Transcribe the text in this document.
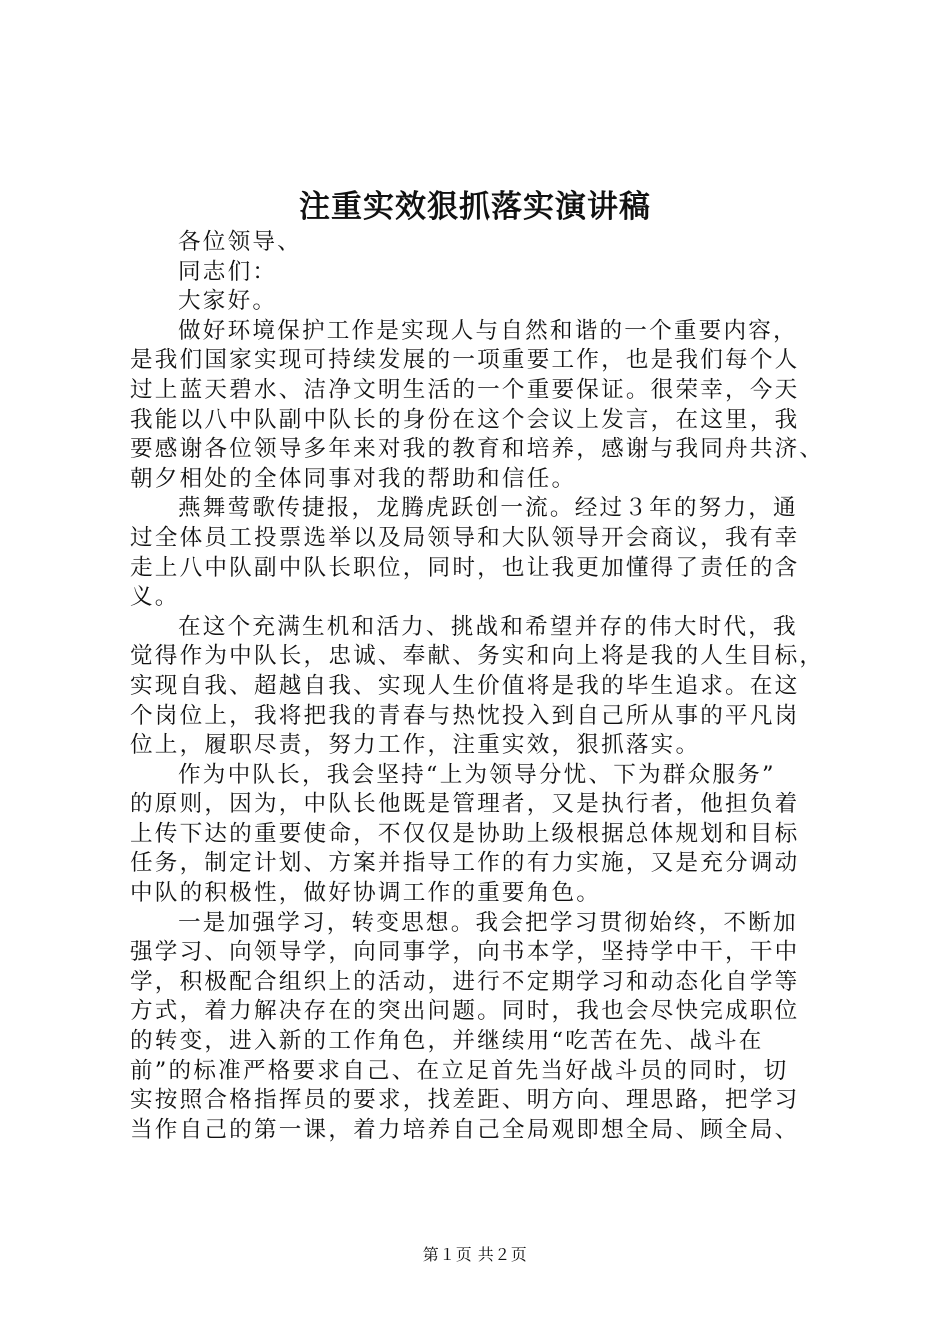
注重实效狠抓落实演讲稿
各位领导、
同志们：
大家好。
做好环境保护工作是实现人与自然和谐的一个重要内容，
是我们国家实现可持续发展的一项重要工作，也是我们每个人
过上蓝天碧水、洁净文明生活的一个重要保证。很荣幸，今天
我能以八中队副中队长的身份在这个会议上发言，在这里，我
要感谢各位领导多年来对我的教育和培养，感谢与我同舟共济、
朝夕相处的全体同事对我的帮助和信任。
燕舞莺歌传捷报，龙腾虎跃创一流。经过３年的努力，通
过全体员工投票选举以及局领导和大队领导开会商议，我有幸
走上八中队副中队长职位，同时，也让我更加懂得了责任的含
义。
在这个充满生机和活力、挑战和希望并存的伟大时代，我
觉得作为中队长，忠诚、奉献、务实和向上将是我的人生目标，
实现自我、超越自我、实现人生价值将是我的毕生追求。在这
个岗位上，我将把我的青春与热忱投入到自己所从事的平凡岗
位上，履职尽责，努力工作，注重实效，狠抓落实。
作为中队长，我会坚持“上为领导分忧、下为群众服务”
的原则，因为，中队长他既是管理者，又是执行者，他担负着
上传下达的重要使命，不仅仅是协助上级根据总体规划和目标
任务，制定计划、方案并指导工作的有力实施，又是充分调动
中队的积极性，做好协调工作的重要角色。
一是加强学习，转变思想。我会把学习贯彻始终，不断加
强学习、向领导学，向同事学，向书本学，坚持学中干，干中
学，积极配合组织上的活动，进行不定期学习和动态化自学等
方式，着力解决存在的突出问题。同时，我也会尽快完成职位
的转变，进入新的工作角色，并继续用“吃苦在先、战斗在
前”的标准严格要求自己、在立足首先当好战斗员的同时，切
实按照合格指挥员的要求，找差距、明方向、理思路，把学习
当作自己的第一课，着力培养自己全局观即想全局、顾全局、
第１页 共２页
